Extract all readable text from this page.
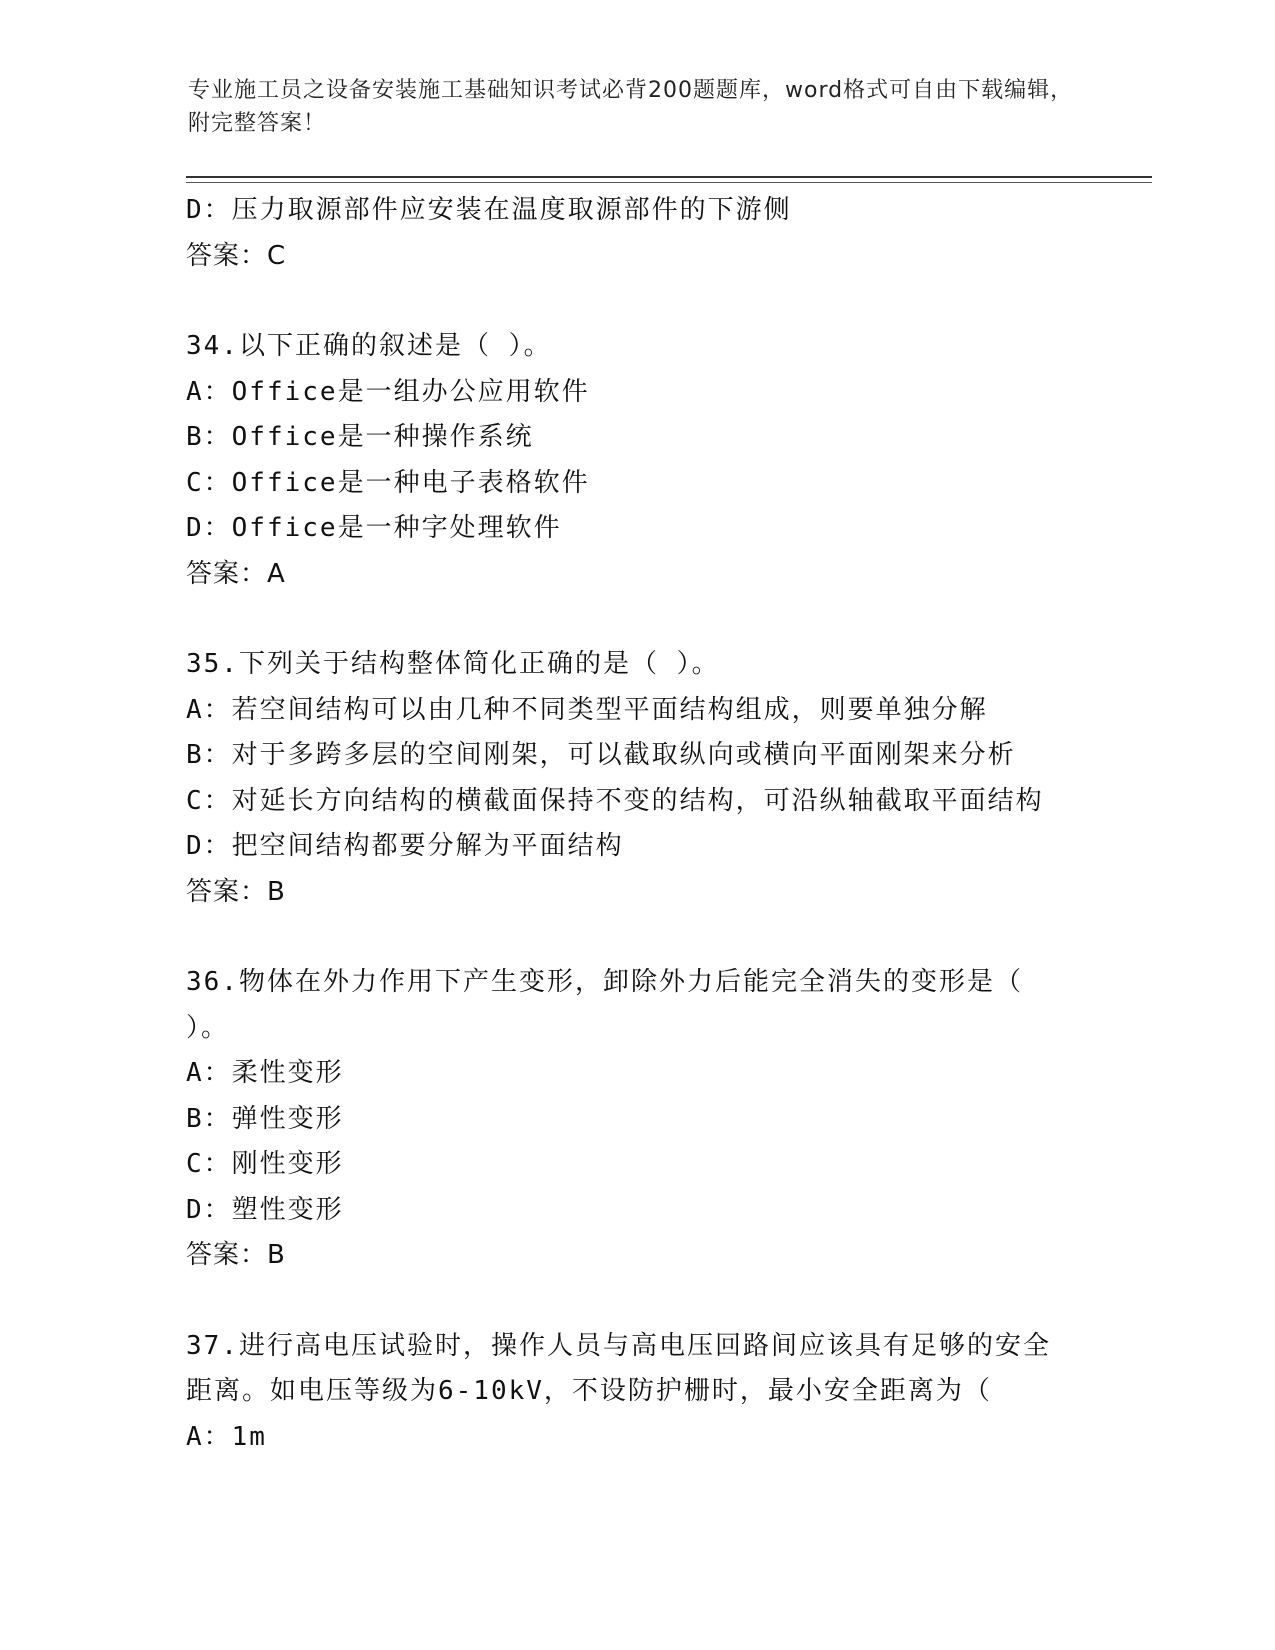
专业施工员之设备安装施工基础知识考试必背200题题库，word格式可自由下载编辑，附完整答案！

D：压力取源部件应安装在温度取源部件的下游侧

答案：C

34.以下正确的叙述是（ ）。

A：Office是一组办公应用软件

B：Office是一种操作系统

C：Office是一种电子表格软件

D：Office是一种字处理软件

答案：A

35.下列关于结构整体简化正确的是（ ）。

A：若空间结构可以由几种不同类型平面结构组成，则要单独分解

B：对于多跨多层的空间刚架，可以截取纵向或横向平面刚架来分析

C：对延长方向结构的横截面保持不变的结构，可沿纵轴截取平面结构

D：把空间结构都要分解为平面结构

答案：B

36.物体在外力作用下产生变形，卸除外力后能完全消失的变形是（

）。

A：柔性变形

B：弹性变形

C：刚性变形

D：塑性变形

答案：B

37.进行高电压试验时，操作人员与高电压回路间应该具有足够的安全

距离。如电压等级为6-10kV，不设防护栅时，最小安全距离为（

A：1m
